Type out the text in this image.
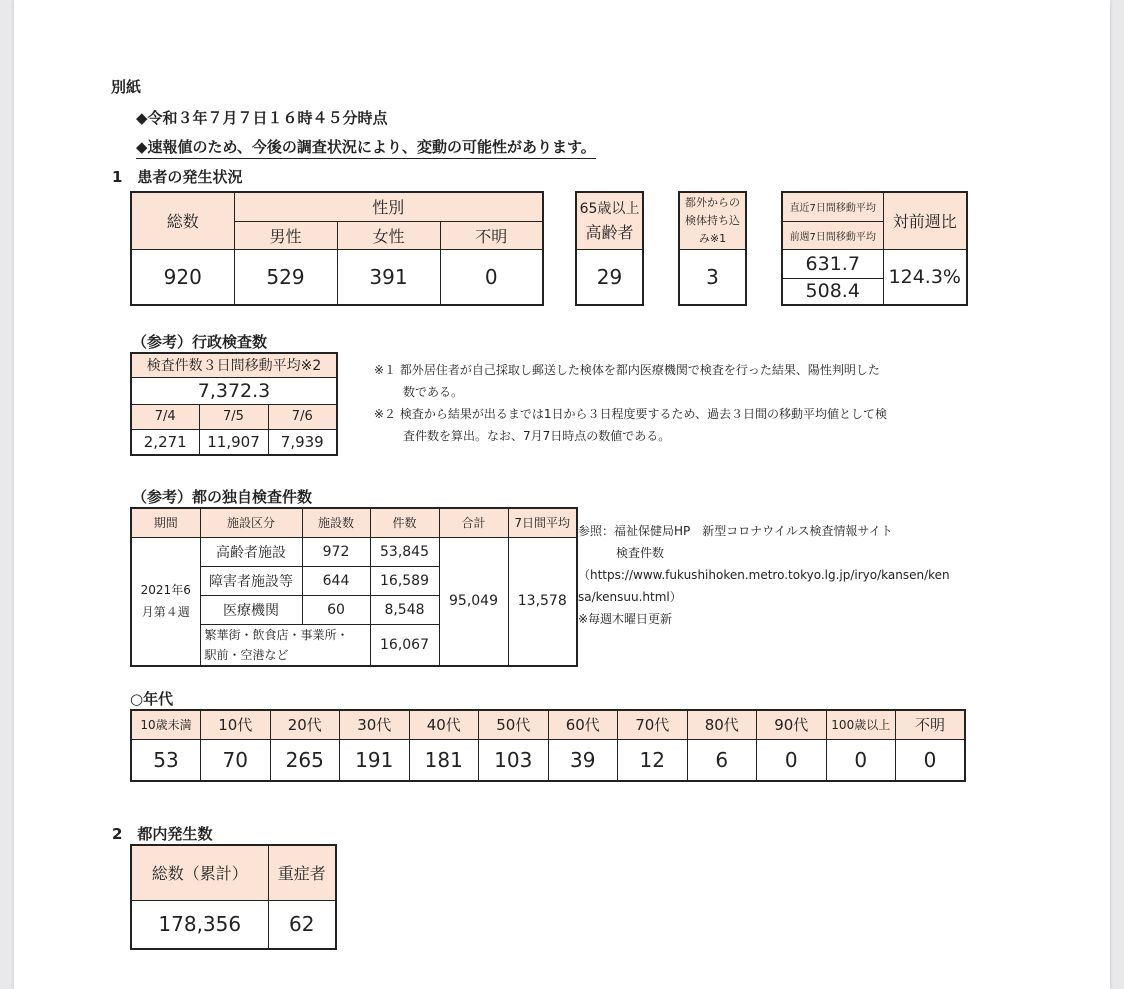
別紙
◆令和３年７月７日１６時４５分時点
◆速報値のため、今後の調査状況により、変動の可能性があります。
1　患者の発生状況
総数	性別		
	男性	女性	不明
920	529	391	0
65歳以上
高齢者

29
都外からの
検体持ち込
み※1

3
直近7日間移動平均	対前週比
前週7日間移動平均	
631.7	124.3%
508.4	
（参考）行政検査数
検査件数３日間移動平均※2		
7,372.3		
7/4	7/5	7/6
2,271	11,907	7,939
※１ 都外居住者が自己採取し郵送した検体を都内医療機関で検査を行った結果、陽性判明した
数である。
※２ 検査から結果が出るまでは1日から３日程度要するため、過去３日間の移動平均値として検
査件数を算出。なお、7月7日時点の数値である。
（参考）都の独自検査件数
期間	施設区分	施設数	件数	合計	7日間平均

2021年6
月第４週	高齢者施設	972	53,845	95,049	13,578
	障害者施設等	644	16,589		
	医療機関	60	8,548		

	繁華街・飲食店・事業所・
駅前・空港など		16,067		
参照：福祉保健局HP　新型コロナウイルス検査情報サイト
検査件数
（https://www.fukushihoken.metro.tokyo.lg.jp/iryo/kansen/ken
sa/kensuu.html）
※毎週木曜日更新
○年代
10歳未満	10代	20代	30代	40代	50代	60代	70代	80代	90代	100歳以上	不明
53	70	265	191	181	103	39	12	6	0	0	0
2　都内発生数
総数（累計）	重症者
178,356	62
